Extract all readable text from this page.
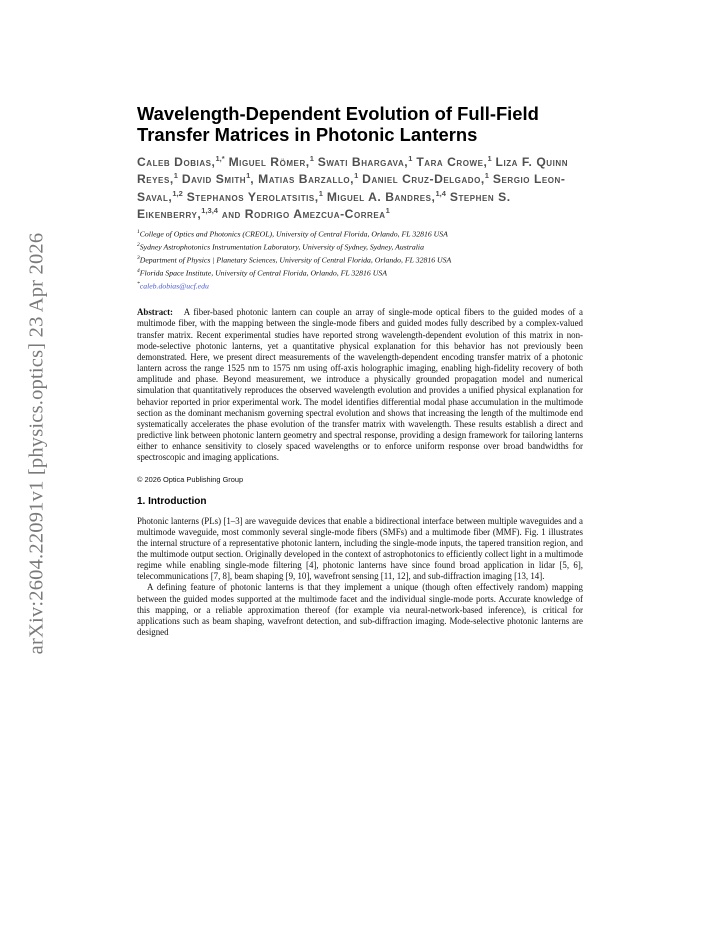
arXiv:2604.22091v1 [physics.optics] 23 Apr 2026
Wavelength-Dependent Evolution of Full-Field Transfer Matrices in Photonic Lanterns
Caleb Dobias,$^{1,*}$ Miguel Römer,$^1$ Swati Bhargava,$^1$ Tara Crowe,$^1$ Liza F. Quinn Reyes,$^1$ David Smith$^1$, Matias Barzallo,$^1$ Daniel Cruz-Delgado,$^1$ Sergio Leon-Saval,$^{1,2}$ Stephanos Yerolatsitis,$^1$ Miguel A. Bandres,$^{1,4}$ Stephen S. Eikenberry,$^{1,3,4}$ and Rodrigo Amezcua-Correa$^1$

$^1$College of Optics and Photonics (CREOL), University of Central Florida, Orlando, FL 32816 USA

$^2$Sydney Astrophotonics Instrumentation Laboratory, University of Sydney, Sydney, Australia

$^3$Department of Physics | Planetary Sciences, University of Central Florida, Orlando, FL 32816 USA

$^4$Florida Space Institute, University of Central Florida, Orlando, FL 32816 USA

*caleb.dobias@ucf.edu

Abstract: A fiber-based photonic lantern can couple an array of single-mode optical fibers to the guided modes of a multimode fiber, with the mapping between the single-mode fibers and guided modes fully described by a complex-valued transfer matrix. Recent experimental studies have reported strong wavelength-dependent evolution of this matrix in non-mode-selective photonic lanterns, yet a quantitative physical explanation for this behavior has not previously been demonstrated. Here, we present direct measurements of the wavelength-dependent encoding transfer matrix of a photonic lantern across the range 1525 nm to 1575 nm using off-axis holographic imaging, enabling high-fidelity recovery of both amplitude and phase. Beyond measurement, we introduce a physically grounded propagation model and numerical simulation that quantitatively reproduces the observed wavelength evolution and provides a unified physical explanation for behavior reported in prior experimental work. The model identifies differential modal phase accumulation in the multimode section as the dominant mechanism governing spectral evolution and shows that increasing the length of the multimode end systematically accelerates the phase evolution of the transfer matrix with wavelength. These results establish a direct and predictive link between photonic lantern geometry and spectral response, providing a design framework for tailoring lanterns either to enhance sensitivity to closely spaced wavelengths or to enforce uniform response over broad bandwidths for spectroscopic and imaging applications.

© 2026 Optica Publishing Group
1. Introduction

Photonic lanterns (PLs) [1–3] are waveguide devices that enable a bidirectional interface between multiple waveguides and a multimode waveguide, most commonly several single-mode fibers (SMFs) and a multimode fiber (MMF). Fig. 1 illustrates the internal structure of a representative photonic lantern, including the single-mode inputs, the tapered transition region, and the multimode output section. Originally developed in the context of astrophotonics to efficiently collect light in a multimode regime while enabling single-mode filtering [4], photonic lanterns have since found broad application in lidar [5, 6], telecommunications [7, 8], beam shaping [9, 10], wavefront sensing [11, 12], and sub-diffraction imaging [13, 14].

A defining feature of photonic lanterns is that they implement a unique (though often effectively random) mapping between the guided modes supported at the multimode facet and the individual single-mode ports. Accurate knowledge of this mapping, or a reliable approximation thereof (for example via neural-network-based inference), is critical for applications such as beam shaping, wavefront detection, and sub-diffraction imaging. Mode-selective photonic lanterns are designed
